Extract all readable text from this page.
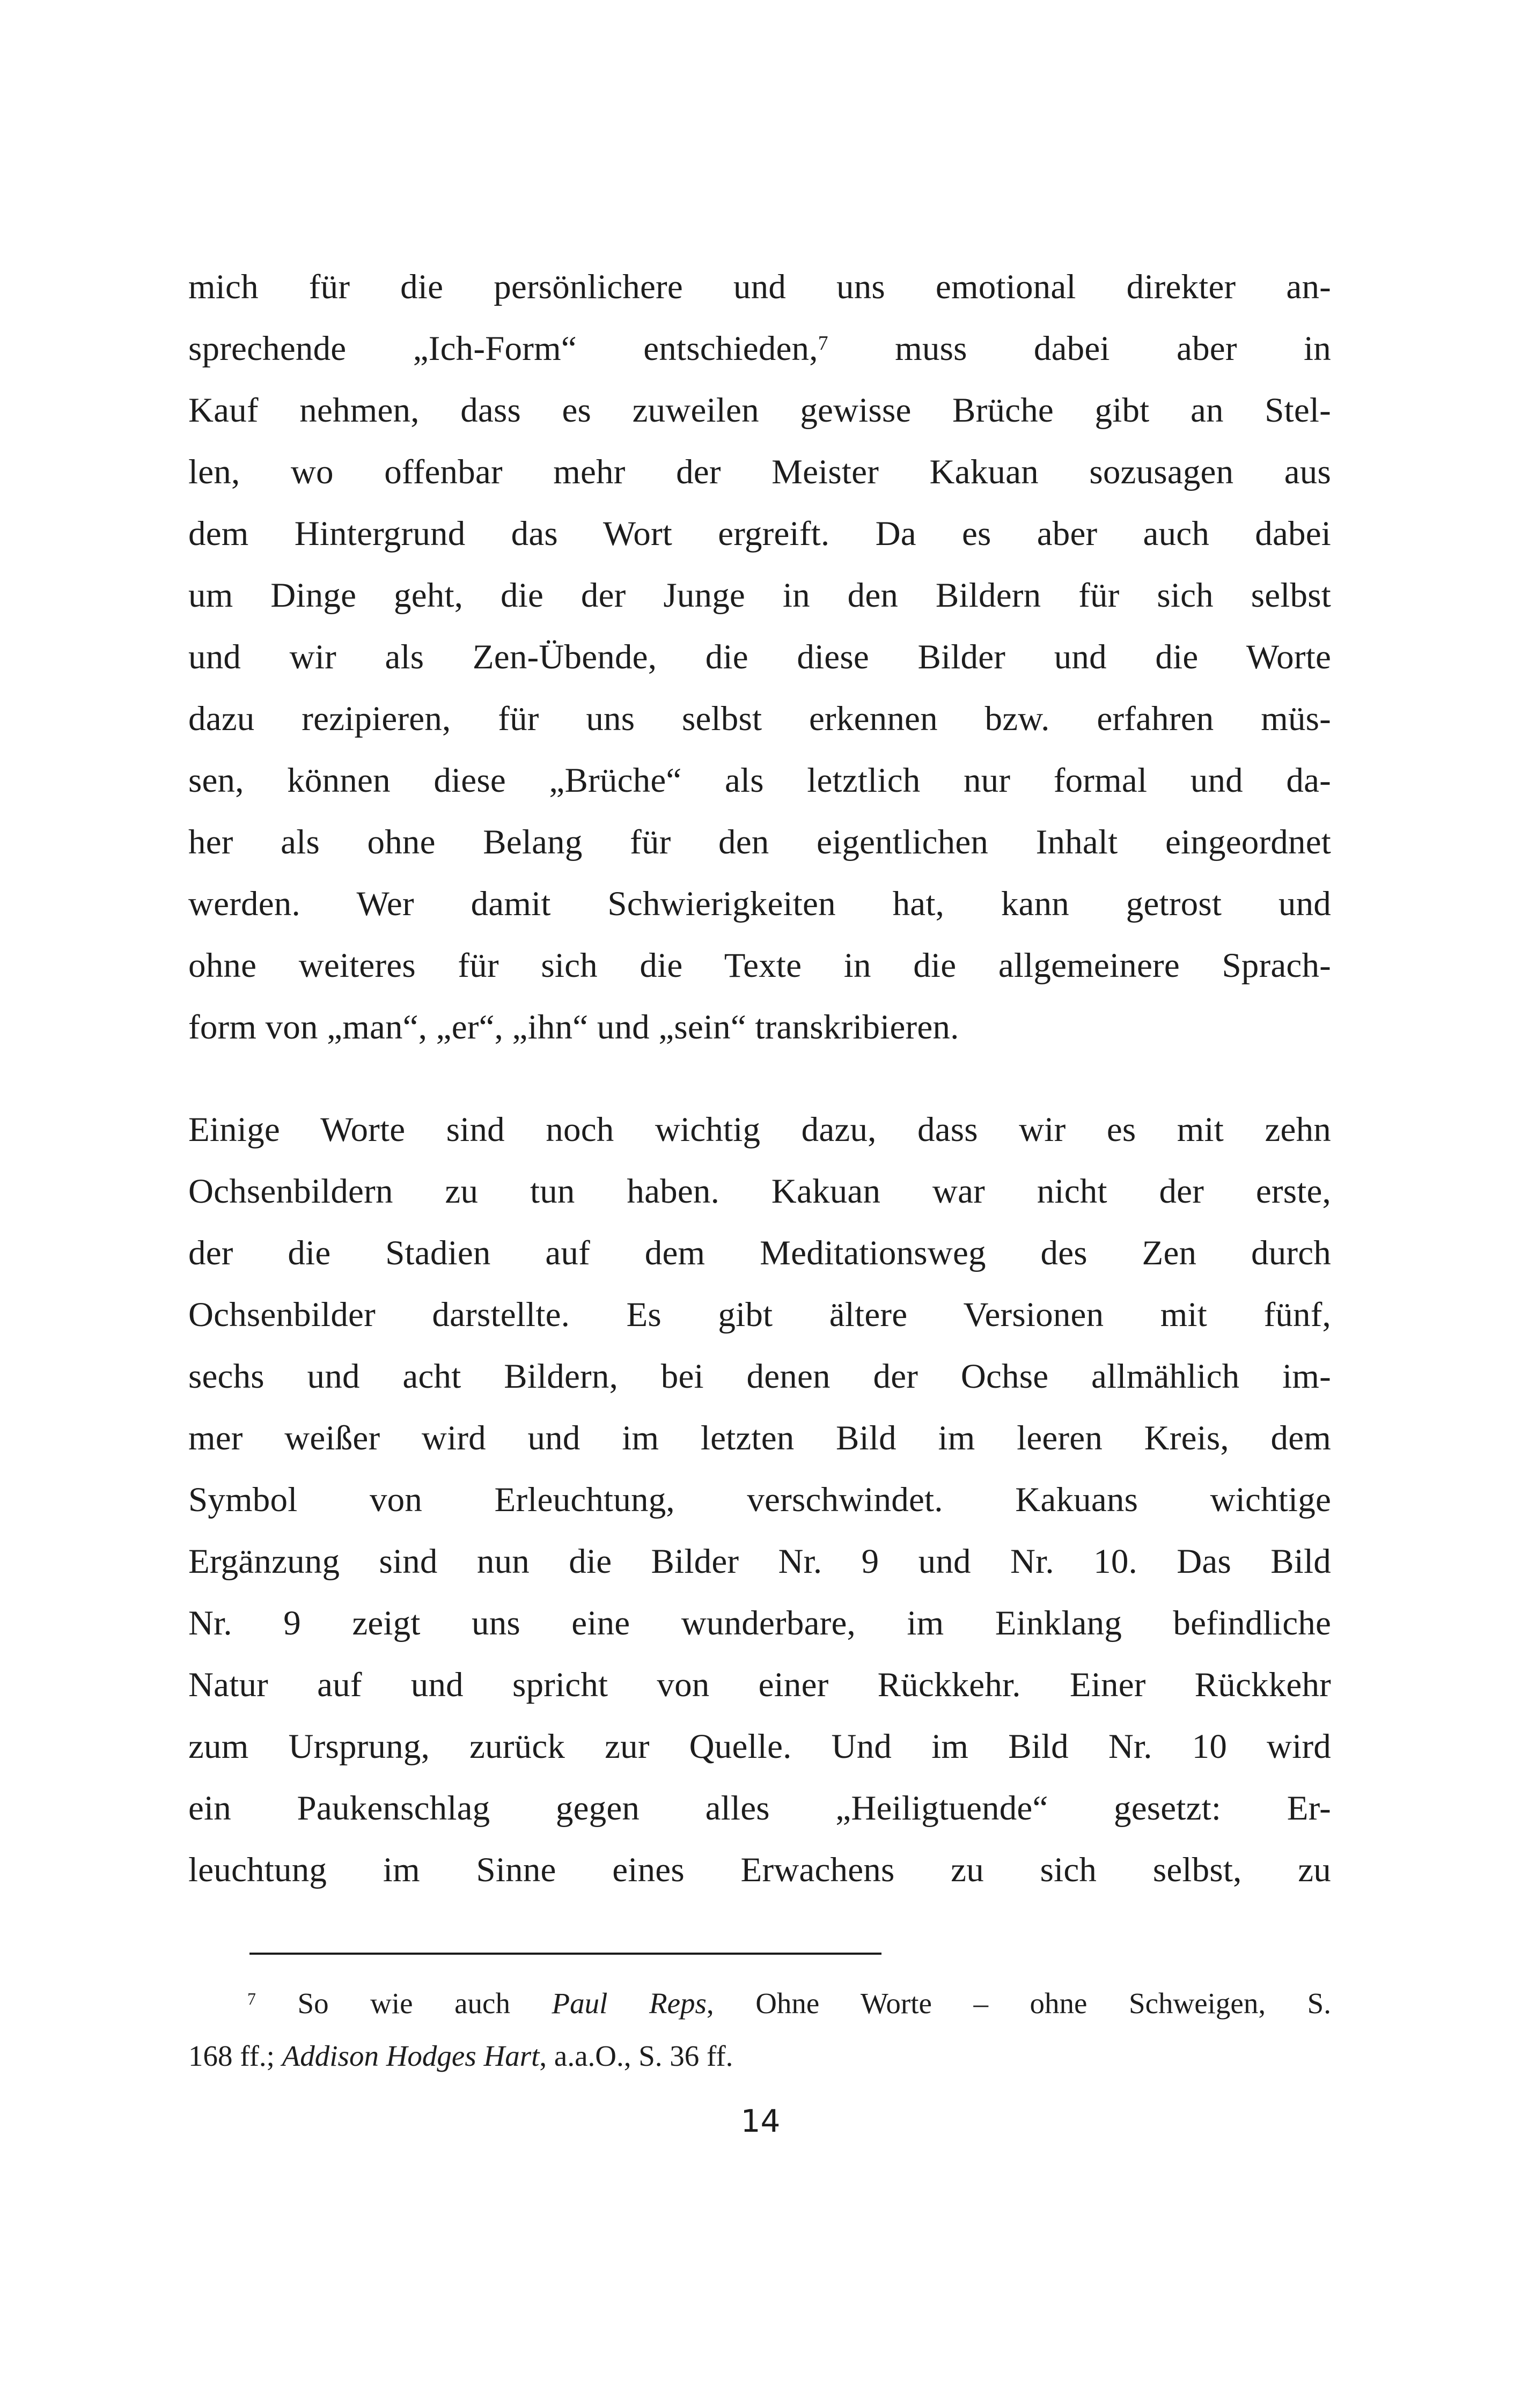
mich für die persönlichere und uns emotional direkter an-
sprechende „Ich-Form“ entschieden,$^7$ muss dabei aber in
Kauf nehmen, dass es zuweilen gewisse Brüche gibt an Stel-
len, wo offenbar mehr der Meister Kakuan sozusagen aus
dem Hintergrund das Wort ergreift. Da es aber auch dabei
um Dinge geht, die der Junge in den Bildern für sich selbst
und wir als Zen-Übende, die diese Bilder und die Worte
dazu rezipieren, für uns selbst erkennen bzw. erfahren müs-
sen, können diese „Brüche“ als letztlich nur formal und da-
her als ohne Belang für den eigentlichen Inhalt eingeordnet
werden. Wer damit Schwierigkeiten hat, kann getrost und
ohne weiteres für sich die Texte in die allgemeinere Sprach-
form von „man“, „er“, „ihn“ und „sein“ transkribieren.
Einige Worte sind noch wichtig dazu, dass wir es mit zehn
Ochsenbildern zu tun haben. Kakuan war nicht der erste,
der die Stadien auf dem Meditationsweg des Zen durch
Ochsenbilder darstellte. Es gibt ältere Versionen mit fünf,
sechs und acht Bildern, bei denen der Ochse allmählich im-
mer weißer wird und im letzten Bild im leeren Kreis, dem
Symbol von Erleuchtung, verschwindet. Kakuans wichtige
Ergänzung sind nun die Bilder Nr. 9 und Nr. 10. Das Bild
Nr. 9 zeigt uns eine wunderbare, im Einklang befindliche
Natur auf und spricht von einer Rückkehr. Einer Rückkehr
zum Ursprung, zurück zur Quelle. Und im Bild Nr. 10 wird
ein Paukenschlag gegen alles „Heiligtuende“ gesetzt: Er-
leuchtung im Sinne eines Erwachens zu sich selbst, zu
$^7$ So wie auch Paul Reps, Ohne Worte – ohne Schweigen, S.
168 ff.; Addison Hodges Hart, a.a.O., S. 36 ff.
14
